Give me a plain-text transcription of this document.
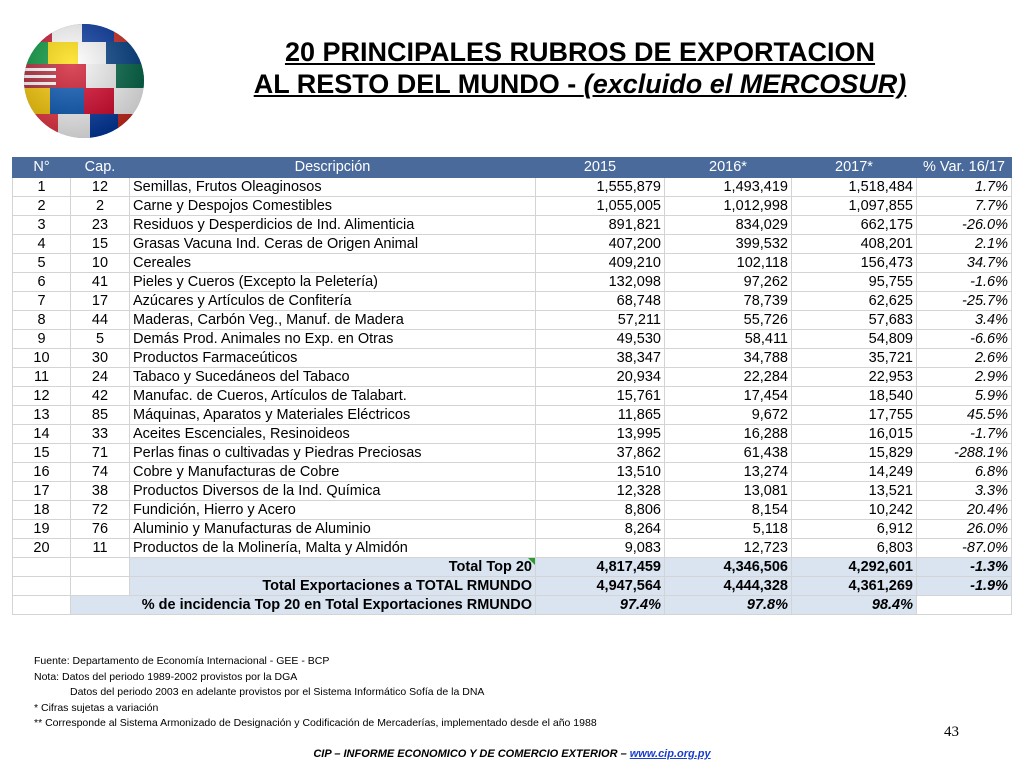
20 PRINCIPALES RUBROS DE EXPORTACION
AL RESTO DEL MUNDO - (excluido el MERCOSUR)
N°	Cap.	Descripción	2015	2016*	2017*	% Var. 16/17
1	12	Semillas, Frutos Oleaginosos	1,555,879	1,493,419	1,518,484	1.7%
2	2	Carne y Despojos Comestibles	1,055,005	1,012,998	1,097,855	7.7%
3	23	Residuos y Desperdicios de Ind. Alimenticia	891,821	834,029	662,175	-26.0%
4	15	Grasas Vacuna Ind. Ceras de Origen Animal	407,200	399,532	408,201	2.1%
5	10	Cereales	409,210	102,118	156,473	34.7%
6	41	Pieles y Cueros (Excepto la Peletería)	132,098	97,262	95,755	-1.6%
7	17	Azúcares y Artículos de Confitería	68,748	78,739	62,625	-25.7%
8	44	Maderas, Carbón Veg., Manuf. de Madera	57,211	55,726	57,683	3.4%
9	5	Demás Prod. Animales no Exp. en Otras	49,530	58,411	54,809	-6.6%
10	30	Productos Farmaceúticos	38,347	34,788	35,721	2.6%
11	24	Tabaco y Sucedáneos del Tabaco	20,934	22,284	22,953	2.9%
12	42	Manufac. de Cueros, Artículos de Talabart.	15,761	17,454	18,540	5.9%
13	85	Máquinas, Aparatos y Materiales Eléctricos	11,865	9,672	17,755	45.5%
14	33	Aceites Escenciales, Resinoideos	13,995	16,288	16,015	-1.7%
15	71	Perlas finas o cultivadas y Piedras Preciosas	37,862	61,438	15,829	-288.1%
16	74	Cobre y Manufacturas de Cobre	13,510	13,274	14,249	6.8%
17	38	Productos Diversos de la Ind. Química	12,328	13,081	13,521	3.3%
18	72	Fundición, Hierro y Acero	8,806	8,154	10,242	20.4%
19	76	Aluminio y Manufacturas de Aluminio	8,264	5,118	6,912	26.0%
20	11	Productos de la Molinería, Malta y Almidón	9,083	12,723	6,803	-87.0%
		Total Top 20	4,817,459	4,346,506	4,292,601	-1.3%
		Total Exportaciones a TOTAL RMUNDO	4,947,564	4,444,328	4,361,269	-1.9%
	% de incidencia Top 20 en Total Exportaciones RMUNDO		97.4%	97.8%	98.4%	
Fuente: Departamento de Economía Internacional - GEE - BCP
Nota: Datos del periodo 1989-2002 provistos por la DGA
Datos del periodo 2003 en adelante provistos por el Sistema Informático Sofía de la DNA
* Cifras sujetas a variación
** Corresponde al Sistema Armonizado de Designación y Codificación de Mercaderías, implementado desde el año 1988
43
CIP – INFORME ECONOMICO Y DE COMERCIO EXTERIOR – www.cip.org.py
